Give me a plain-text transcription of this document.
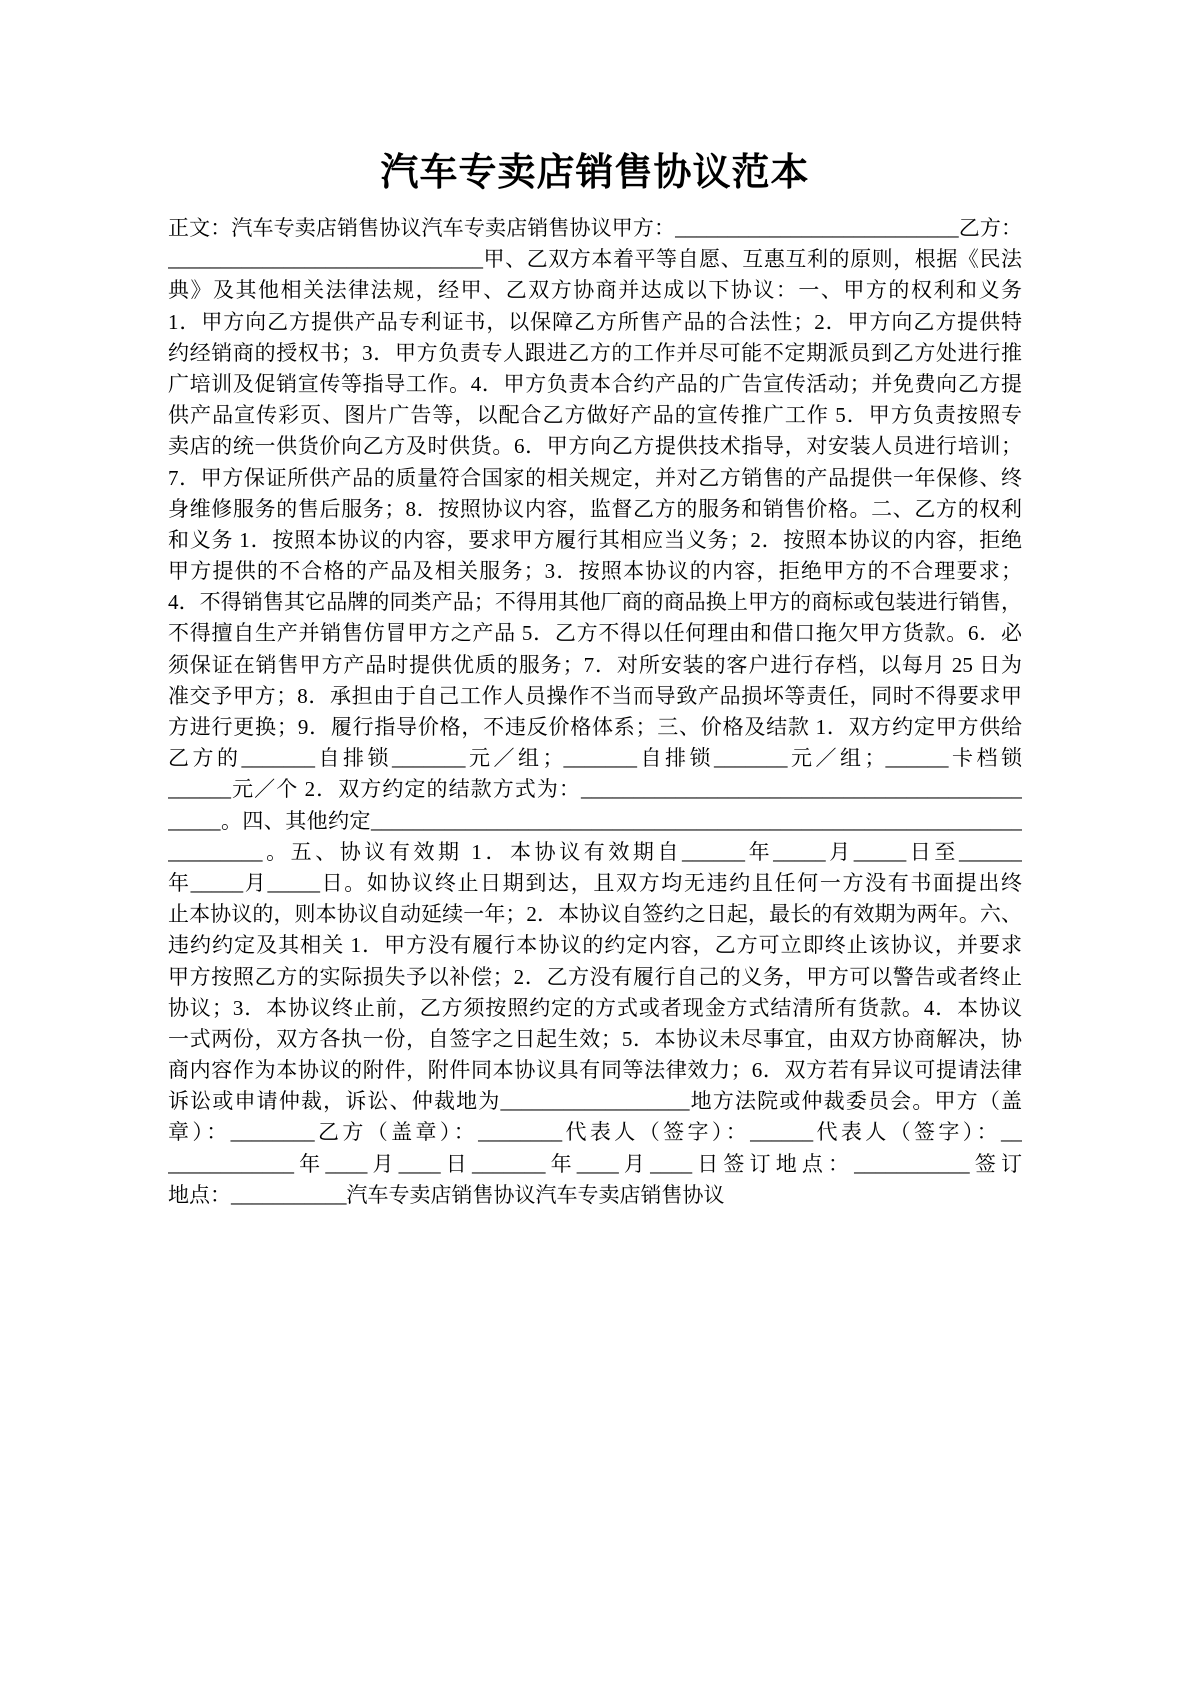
汽车专卖店销售协议范本
正文：汽车专卖店销售协议汽车专卖店销售协议甲方：___________________________乙方：
______________________________甲、乙双方本着平等自愿、互惠互利的原则，根据《民法
典》及其他相关法律法规，经甲、乙双方协商并达成以下协议：一、甲方的权利和义务
1．甲方向乙方提供产品专利证书，以保障乙方所售产品的合法性；2．甲方向乙方提供特
约经销商的授权书；3．甲方负责专人跟进乙方的工作并尽可能不定期派员到乙方处进行推
广培训及促销宣传等指导工作。4．甲方负责本合约产品的广告宣传活动；并免费向乙方提
供产品宣传彩页、图片广告等，以配合乙方做好产品的宣传推广工作 5．甲方负责按照专
卖店的统一供货价向乙方及时供货。6．甲方向乙方提供技术指导，对安装人员进行培训；
7．甲方保证所供产品的质量符合国家的相关规定，并对乙方销售的产品提供一年保修、终
身维修服务的售后服务；8．按照协议内容，监督乙方的服务和销售价格。二、乙方的权利
和义务 1．按照本协议的内容，要求甲方履行其相应当义务；2．按照本协议的内容，拒绝
甲方提供的不合格的产品及相关服务；3．按照本协议的内容，拒绝甲方的不合理要求；
4．不得销售其它品牌的同类产品；不得用其他厂商的商品换上甲方的商标或包装进行销售，
不得擅自生产并销售仿冒甲方之产品 5．乙方不得以任何理由和借口拖欠甲方货款。6．必
须保证在销售甲方产品时提供优质的服务；7．对所安装的客户进行存档，以每月 25 日为
准交予甲方；8．承担由于自己工作人员操作不当而导致产品损坏等责任，同时不得要求甲
方进行更换；9．履行指导价格，不违反价格体系；三、价格及结款 1．双方约定甲方供给
乙方的_______自排锁_______元／组；_______自排锁_______元／组；______卡档锁
______元／个 2．双方约定的结款方式为：__________________________________________
_____。四、其他约定______________________________________________________________
_________。五、协议有效期 1．本协议有效期自______年_____月_____日至______
年_____月_____日。如协议终止日期到达，且双方均无违约且任何一方没有书面提出终
止本协议的，则本协议自动延续一年；2．本协议自签约之日起，最长的有效期为两年。六、
违约约定及其相关 1．甲方没有履行本协议的约定内容，乙方可立即终止该协议，并要求
甲方按照乙方的实际损失予以补偿；2．乙方没有履行自己的义务，甲方可以警告或者终止
协议；3．本协议终止前，乙方须按照约定的方式或者现金方式结清所有货款。4．本协议
一式两份，双方各执一份，自签字之日起生效；5．本协议未尽事宜，由双方协商解决，协
商内容作为本协议的附件，附件同本协议具有同等法律效力；6．双方若有异议可提请法律
诉讼或申请仲裁，诉讼、仲裁地为__________________地方法院或仲裁委员会。甲方（盖
章）：________乙方（盖章）：________代表人（签字）：______代表人（签字）：__
____________年____月____日_______年____月____日签订地点：___________签订
地点：___________汽车专卖店销售协议汽车专卖店销售协议
